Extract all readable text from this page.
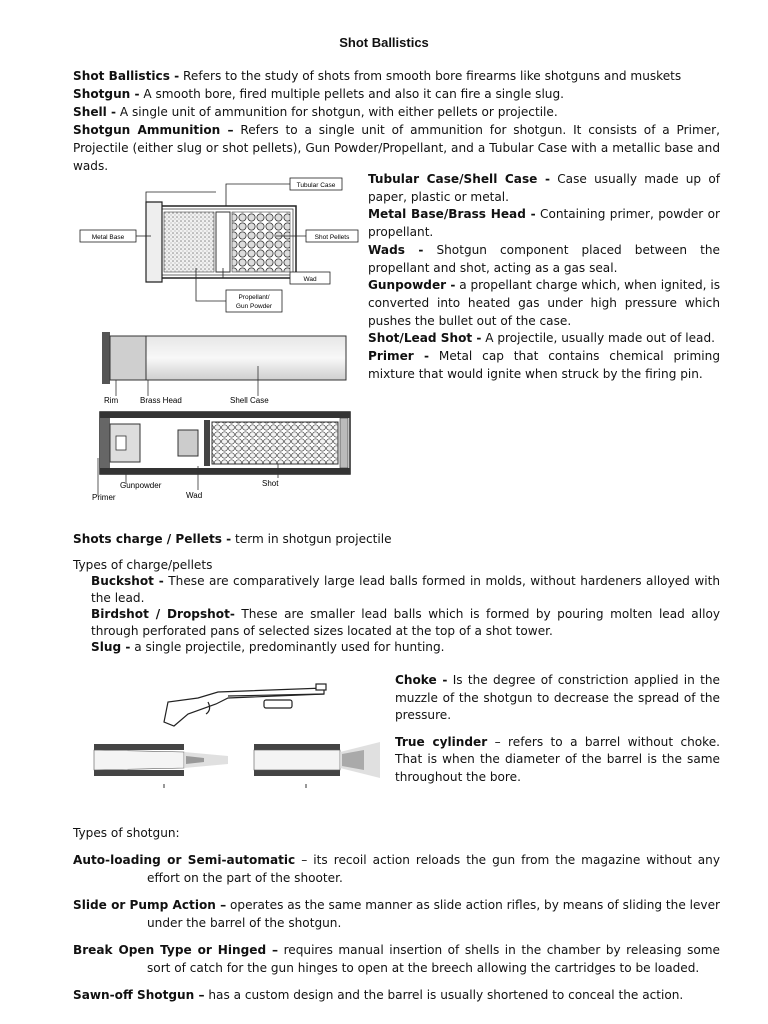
Shot Ballistics
Shot Ballistics - Refers to the study of shots from smooth bore firearms like shotguns and muskets
Shotgun - A smooth bore, fired multiple pellets and also it can fire a single slug.
Shell - A single unit of ammunition for shotgun, with either pellets or projectile.
Shotgun Ammunition – Refers to a single unit of ammunition for shotgun. It consists of a Primer, Projectile (either slug or shot pellets), Gun Powder/Propellant, and a Tubular Case with a metallic base and wads.
Tubular Case
Metal Base	Shot Pellets
Wad
Propellant/
Gun Powder
Rim	Brass Head	Shell Case
Gunpowder	Shot
Primer	Wad
Tubular Case/Shell Case - Case usually made up of paper, plastic or metal.
Metal Base/Brass Head - Containing primer, powder or propellant.
Wads - Shotgun component placed between the propellant and shot, acting as a gas seal.
Gunpowder - a propellant charge which, when ignited, is converted into heated gas under high pressure which pushes the bullet out of the case.
Shot/Lead Shot - A projectile, usually made out of lead.
Primer - Metal cap that contains chemical priming mixture that would ignite when struck by the firing pin.
Shots charge / Pellets - term in shotgun projectile
Types of charge/pellets
Buckshot - These are comparatively large lead balls formed in molds, without hardeners alloyed with the lead.
Birdshot / Dropshot- These are smaller lead balls which is formed by pouring molten lead alloy through perforated pans of selected sizes located at the top of a shot tower.
Slug - a single projectile, predominantly used for hunting.
Choke - Is the degree of constriction applied in the muzzle of the shotgun to decrease the spread of the pressure.
True cylinder – refers to a barrel without choke. That is when the diameter of the barrel is the same throughout the bore.
Types of shotgun:
Auto-loading or Semi-automatic – its recoil action reloads the gun from the magazine without any effort on the part of the shooter.
Slide or Pump Action – operates as the same manner as slide action rifles, by means of sliding the lever under the barrel of the shotgun.
Break Open Type or Hinged – requires manual insertion of shells in the chamber by releasing some sort of catch for the gun hinges to open at the breech allowing the cartridges to be loaded.
Sawn-off Shotgun – has a custom design and the barrel is usually shortened to conceal the action.
